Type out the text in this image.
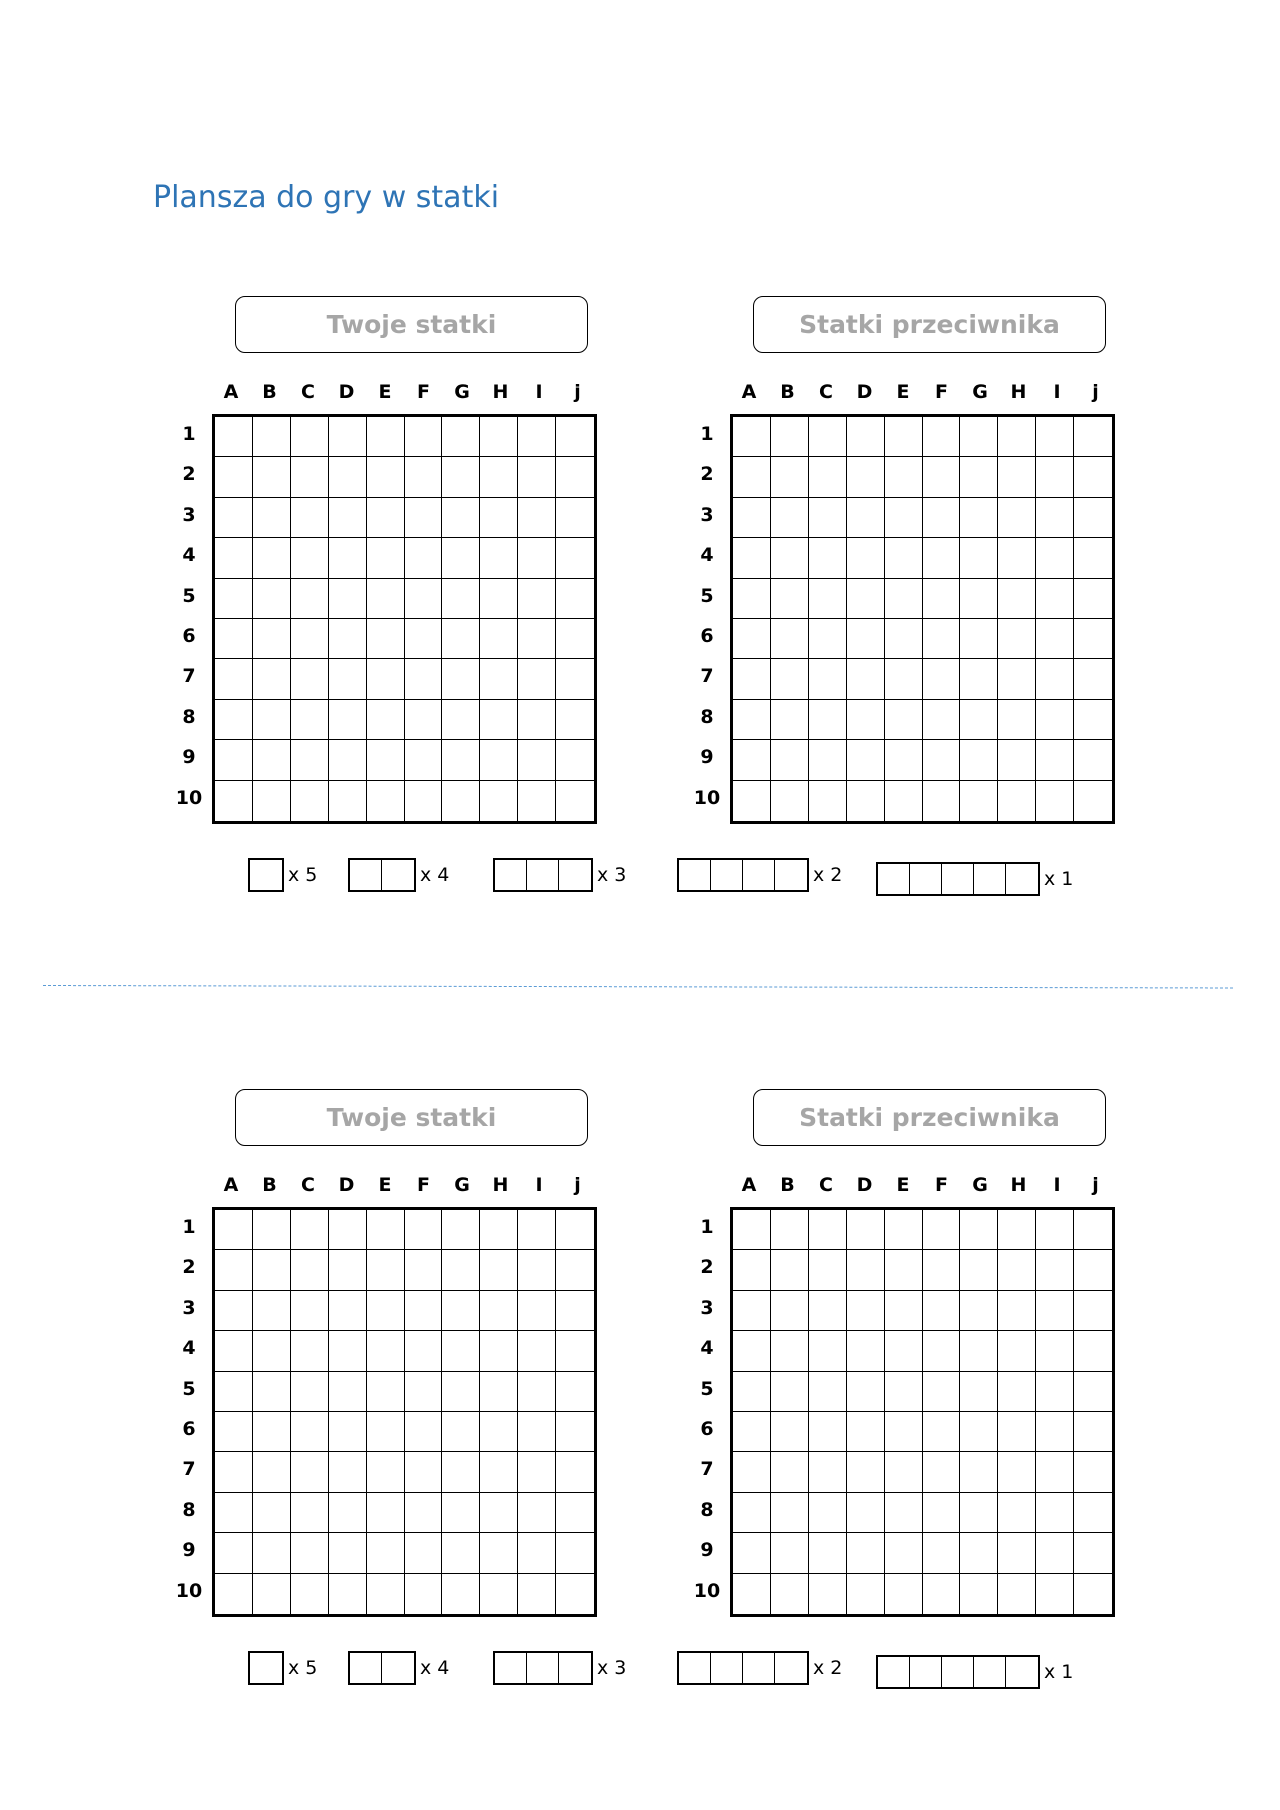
Plansza do gry w statki
Twoje statki
A	B	C	D	E	F	G	H	I	j
1
2
3
4
5
6
7
8
9
10
Statki przeciwnika
A	B	C	D	E	F	G	H	I	j
1
2
3
4
5
6
7
8
9
10
x 5	x 4	x 3	x 2	x 1
Twoje statki
A	B	C	D	E	F	G	H	I	j
1
2
3
4
5
6
7
8
9
10
Statki przeciwnika
A	B	C	D	E	F	G	H	I	j
1
2
3
4
5
6
7
8
9
10
x 5	x 4	x 3	x 2	x 1
